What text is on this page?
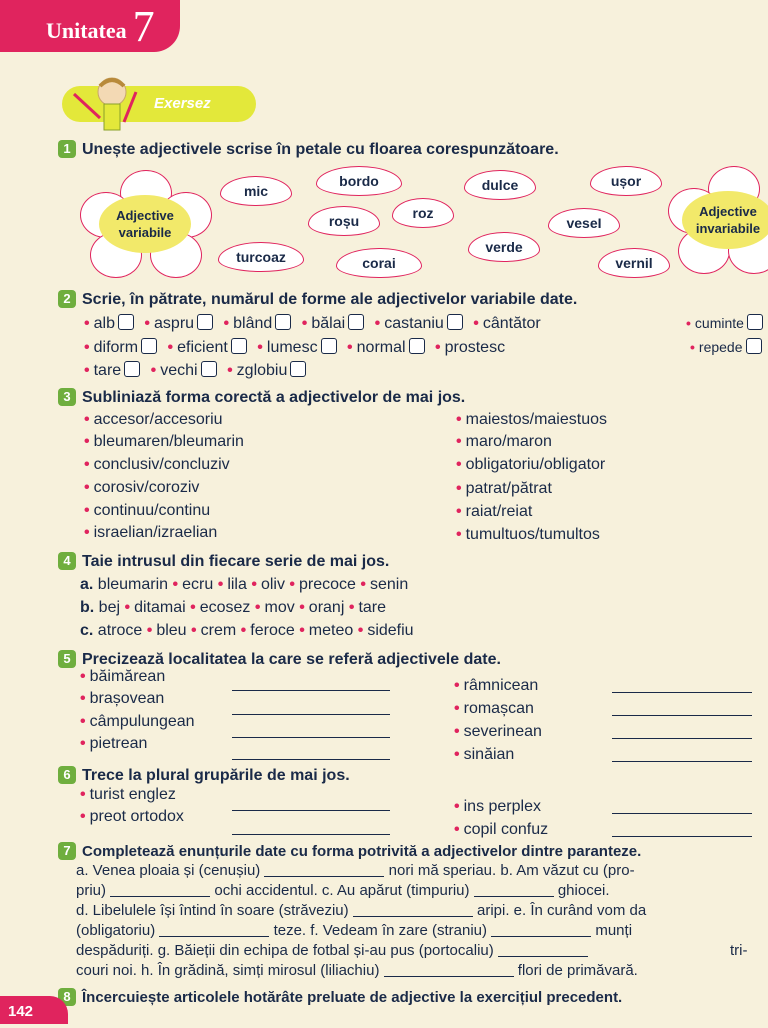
Unitatea 7
Exersez
1 Unește adjectivele scrise în petale cu floarea corespunzătoare.
Adjective variabile
Adjective invariabile
mic
bordo	dulce	ușor
roșu	roz
veseI
turcoaz	corai
verde
vernil
2 Scrie, în pătrate, numărul de forme ale adjectivelor variabile date.
• alb • aspru • blând • bălai • castaniu • cântător	• cuminte
• diform • eficient • lumesc • normal • prostesc	• repede
• tare • vechi • zglobiu
3 Subliniază forma corectă a adjectivelor de mai jos.
• accesor/accesoriu
• bleumaren/bleumarin
• conclusiv/concluziv
• corosiv/coroziv
• continuu/continu
• israelian/izraelian
• maiestos/maiestuos
• maro/maron
• obligatoriu/obligator
• patrat/pătrat
• raiat/reiat
• tumultuos/tumultos
4 Taie intrusul din fiecare serie de mai jos.
a. bleumarin • ecru • lila • oliv • precoce • senin
b. bej • ditamai • ecosez • mov • oranj • tare
c. atroce • bleu • crem • feroce • meteo • sidefiu
5 Precizează localitatea la care se referă adjectivele date.
• băimărean
• brașovean
• câmpulungean
• pietrean
• râmnicean
• romașcan
• severinean
• sinăian
6 Trece la plural grupările de mai jos.
• turist englez
• preot ortodox
• ins perplex
• copil confuz
7 Completează enunțurile date cu forma potrivită a adjectivelor dintre paranteze.
a. Venea ploaia și (cenușiu)	nori mă speriau. b. Am văzut cu (pro-
priu)	ochi accidentul. c. Au apărut (timpuriu)	ghiocei.
d. Libelulele își întind în soare (străveziu)	aripi. e. În curând vom da
(obligatoriu)	teze. f. Vedeam în zare (straniu)	munți
tri-
despăduriți. g. Băieții din echipa de fotbal și-au pus (portocaliu)
couri noi. h. În grădină, simți mirosul (liliachiu)	flori de primăvară.
8 Încercuiește articolele hotărâte preluate de adjective la exercițiul precedent.
142
